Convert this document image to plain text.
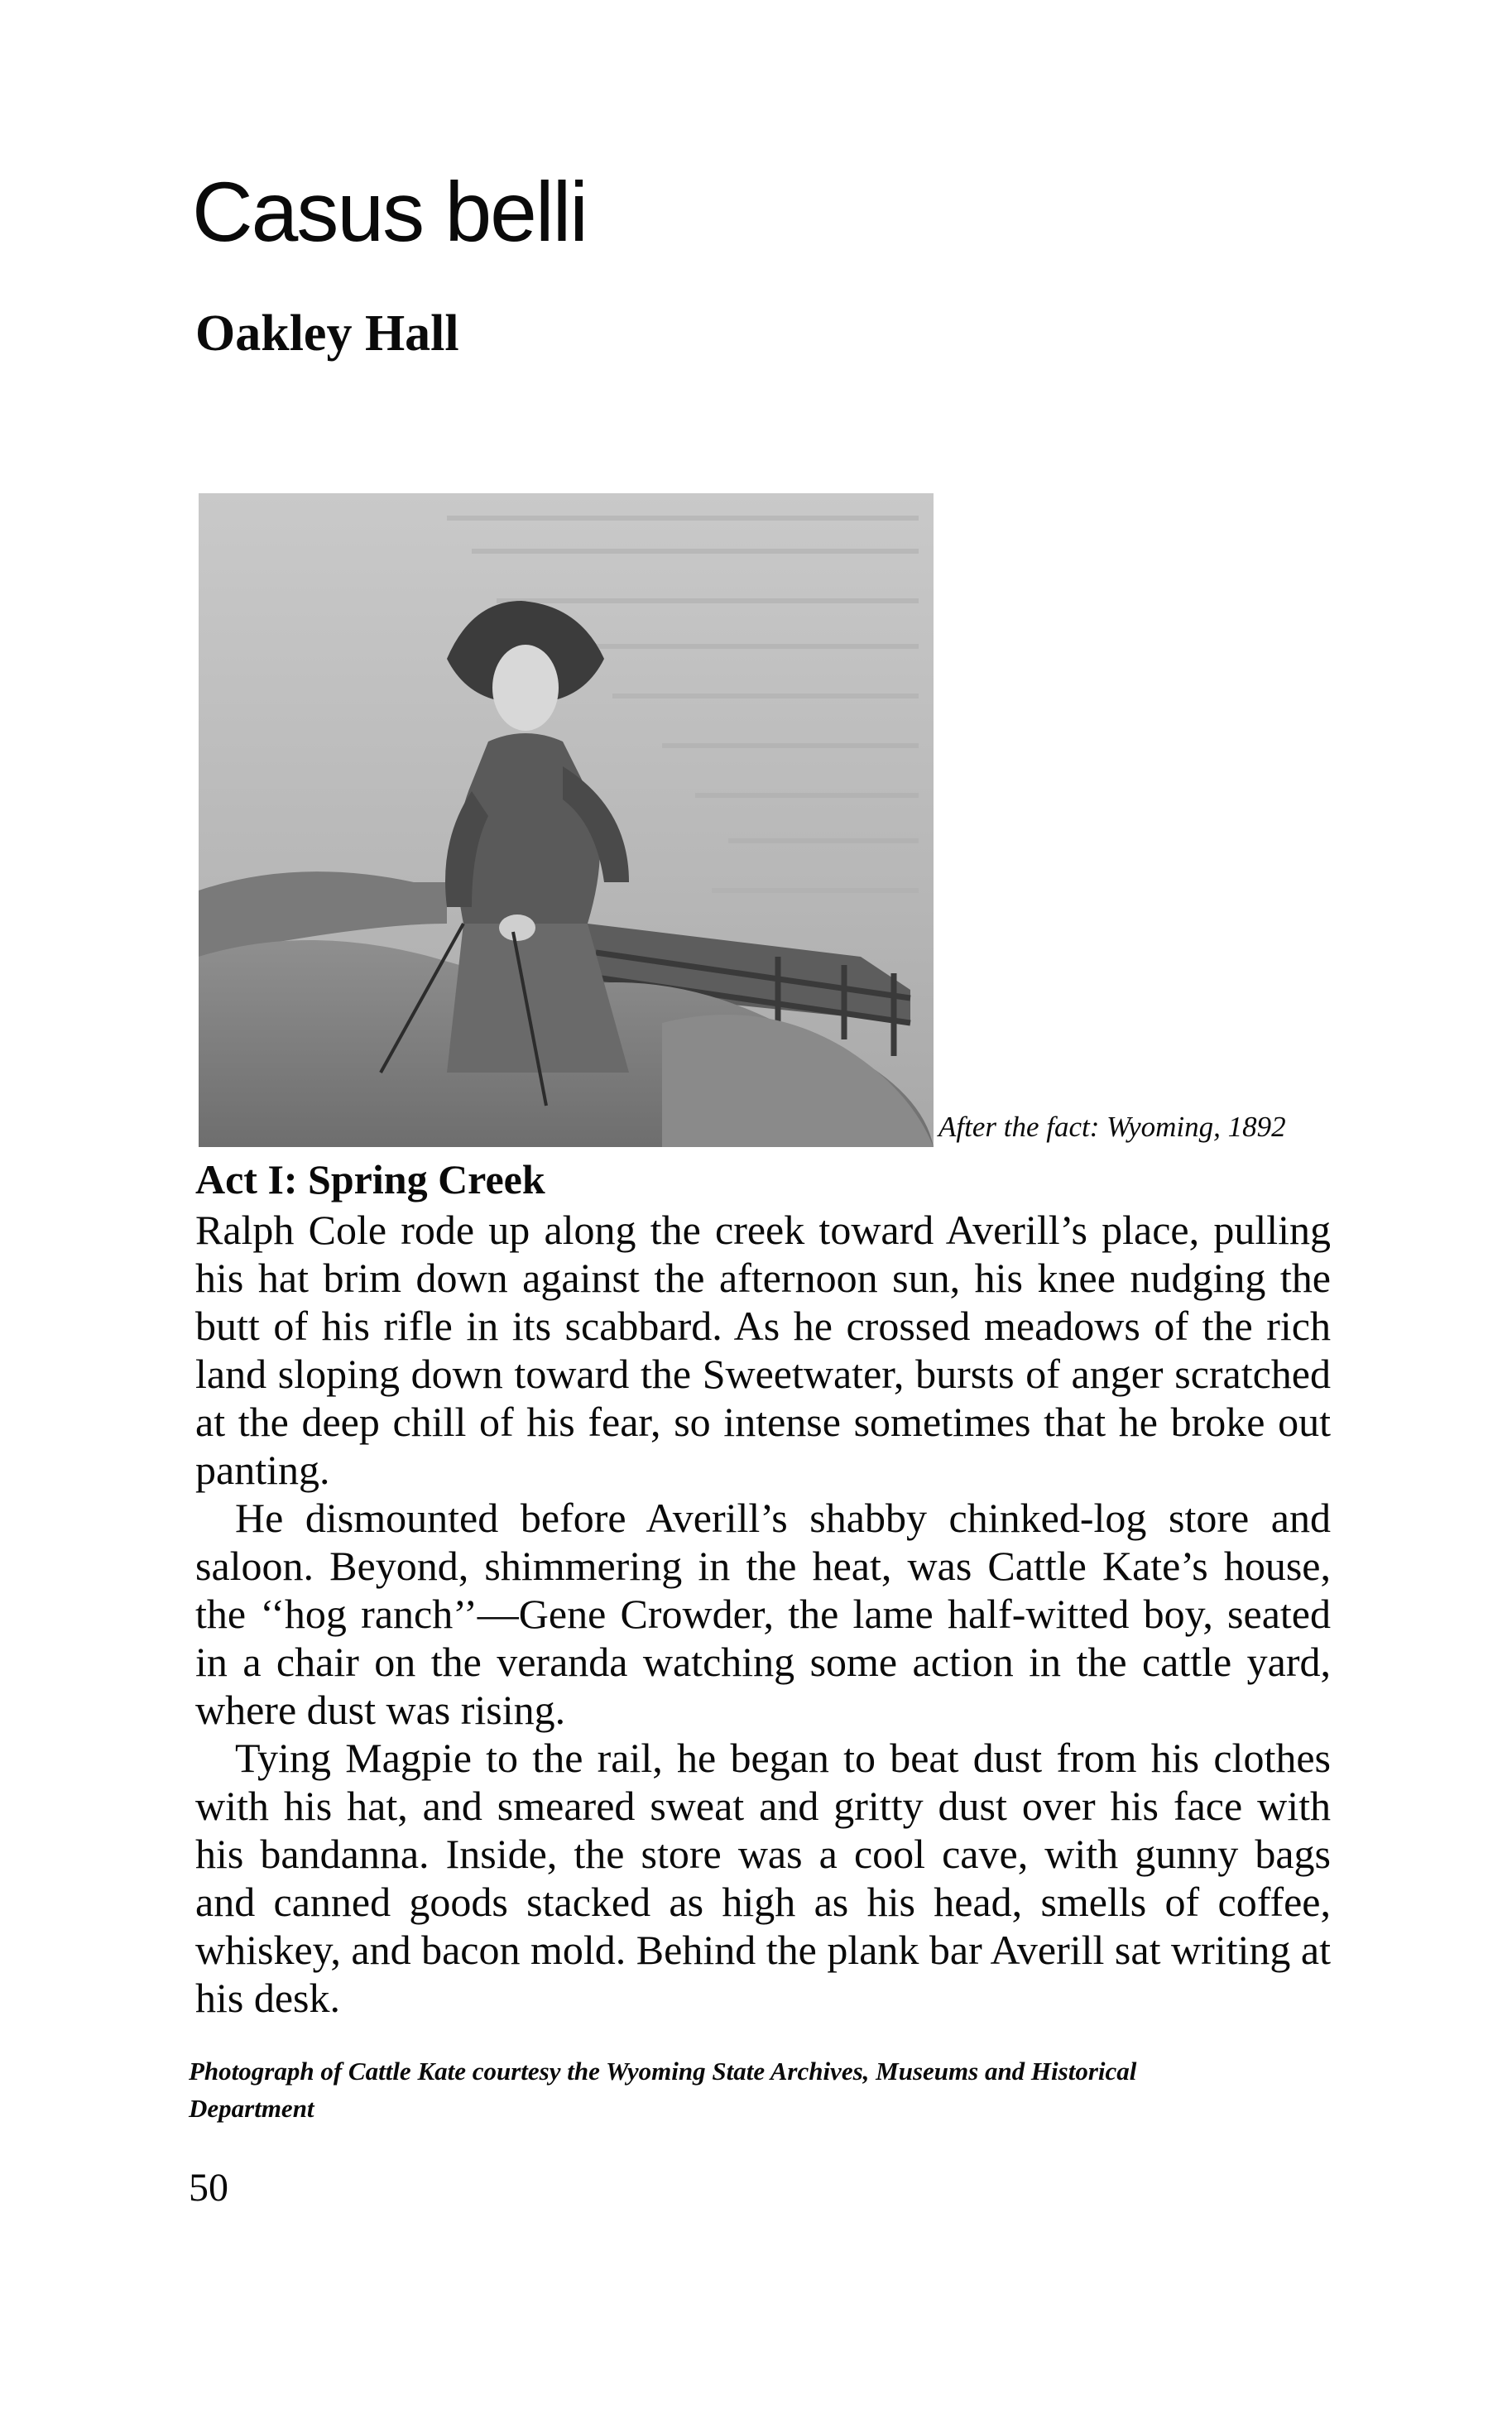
Casus belli
Oakley Hall

After the fact: Wyoming, 1892

Act I: Spring Creek

Ralph Cole rode up along the creek toward Averill’s place, pulling his hat brim down against the afternoon sun, his knee nudging the butt of his rifle in its scabbard. As he crossed meadows of the rich land sloping down toward the Sweetwater, bursts of anger scratched at the deep chill of his fear, so intense sometimes that he broke out panting.

He dismounted before Averill’s shabby chinked-log store and saloon. Beyond, shimmering in the heat, was Cattle Kate’s house, the ‘‘hog ranch’’—Gene Crowder, the lame half-witted boy, seated in a chair on the veranda watching some action in the cattle yard, where dust was rising.

Tying Magpie to the rail, he began to beat dust from his clothes with his hat, and smeared sweat and gritty dust over his face with his bandanna. Inside, the store was a cool cave, with gunny bags and canned goods stacked as high as his head, smells of coffee, whiskey, and bacon mold. Behind the plank bar Averill sat writing at his desk.

Photograph of Cattle Kate courtesy the Wyoming State Archives, Museums and Historical Department

50
